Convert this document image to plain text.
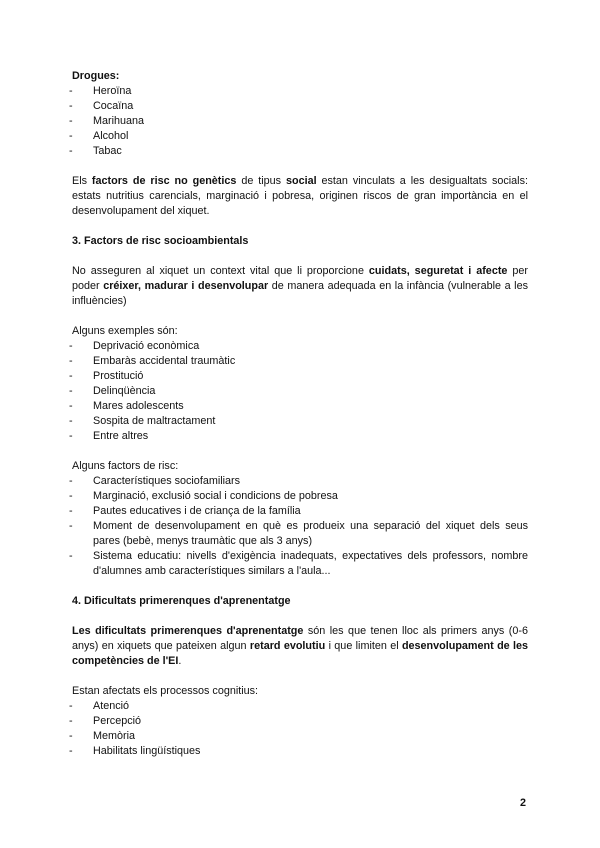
Drogues:
- Heroïna
- Cocaïna
- Marihuana
- Alcohol
- Tabac

Els factors de risc no genètics de tipus social estan vinculats a les desigualtats socials: estats nutritius carencials, marginació i pobresa, originen riscos de gran importància en el desenvolupament del xiquet.

3. Factors de risc socioambientals

No asseguren al xiquet un context vital que li proporcione cuidats, seguretat i afecte per poder créixer, madurar i desenvolupar de manera adequada en la infància (vulnerable a les influències)

Alguns exemples són:
- Deprivació econòmica
- Embaràs accidental traumàtic
- Prostitució
- Delinqüència
- Mares adolescents
- Sospita de maltractament
- Entre altres
Alguns factors de risc:
- Característiques sociofamiliars
- Marginació, exclusió social i condicions de pobresa
- Pautes educatives i de criança de la família
- Moment de desenvolupament en què es produeix una separació del xiquet dels seus pares (bebè, menys traumàtic que als 3 anys)
- Sistema educatiu: nivells d'exigència inadequats, expectatives dels professors, nombre d'alumnes amb característiques similars a l'aula...
4. Dificultats primerenques d'aprenentatge

Les dificultats primerenques d'aprenentatge són les que tenen lloc als primers anys (0-6 anys) en xiquets que pateixen algun retard evolutiu i que limiten el desenvolupament de les competències de l'EI.

Estan afectats els processos cognitius:
- Atenció
- Percepció
- Memòria
- Habilitats lingüístiques
2
